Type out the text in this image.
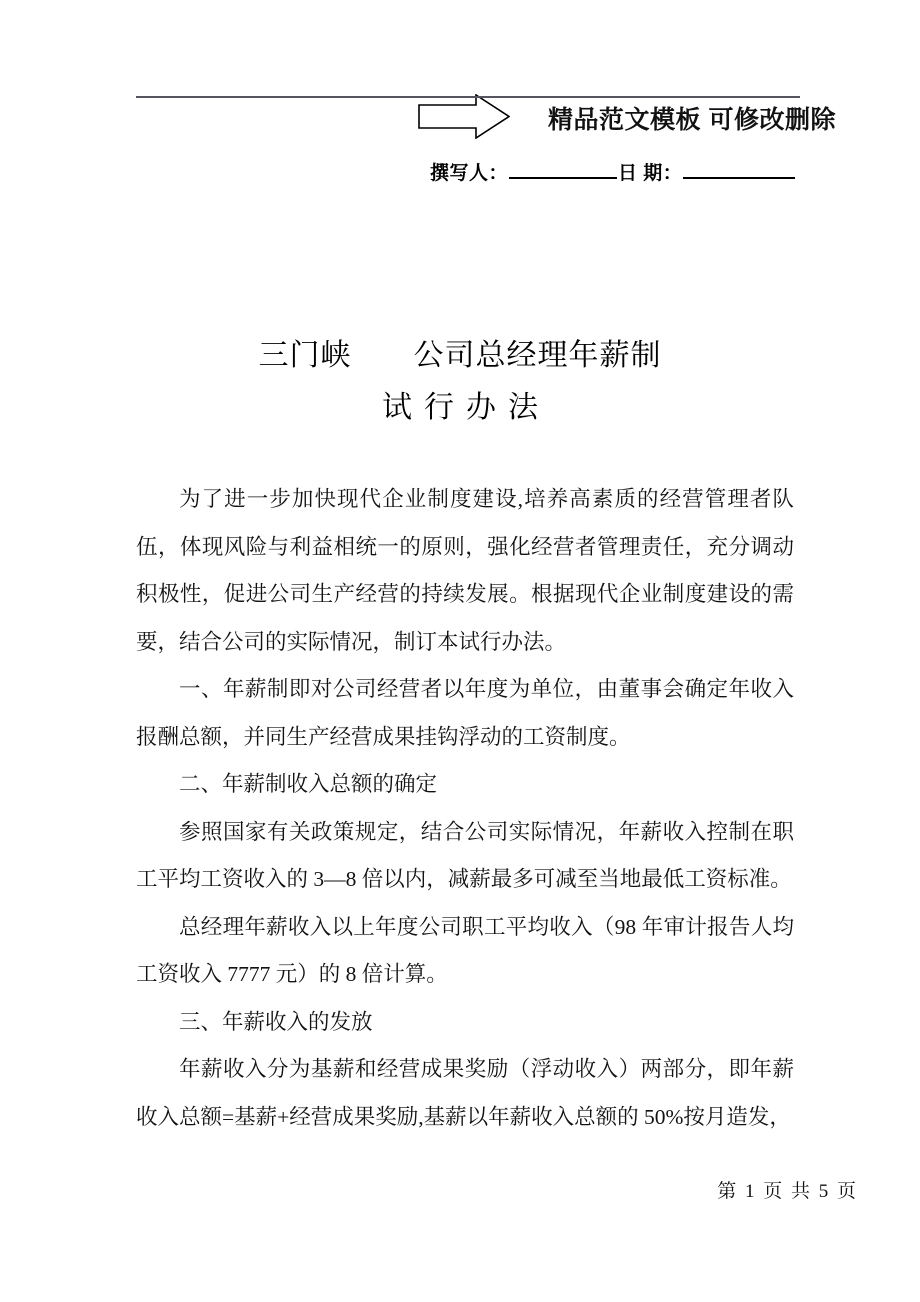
精品范文模板 可修改删除
撰写人：	日 期：
三门峡　　公司总经理年薪制
试行办法

为了进一步加快现代企业制度建设,培养高素质的经营管理者队伍，体现风险与利益相统一的原则，强化经营者管理责任，充分调动积极性，促进公司生产经营的持续发展。根据现代企业制度建设的需要，结合公司的实际情况，制订本试行办法。

一、年薪制即对公司经营者以年度为单位，由董事会确定年收入报酬总额，并同生产经营成果挂钩浮动的工资制度。

二、年薪制收入总额的确定

参照国家有关政策规定，结合公司实际情况，年薪收入控制在职工平均工资收入的 3—8 倍以内，减薪最多可减至当地最低工资标准。

总经理年薪收入以上年度公司职工平均收入（98 年审计报告人均工资收入 7777 元）的 8 倍计算。

三、年薪收入的发放

年薪收入分为基薪和经营成果奖励（浮动收入）两部分，即年薪收入总额=基薪+经营成果奖励,基薪以年薪收入总额的 50%按月造发，

第 1 页 共 5 页
